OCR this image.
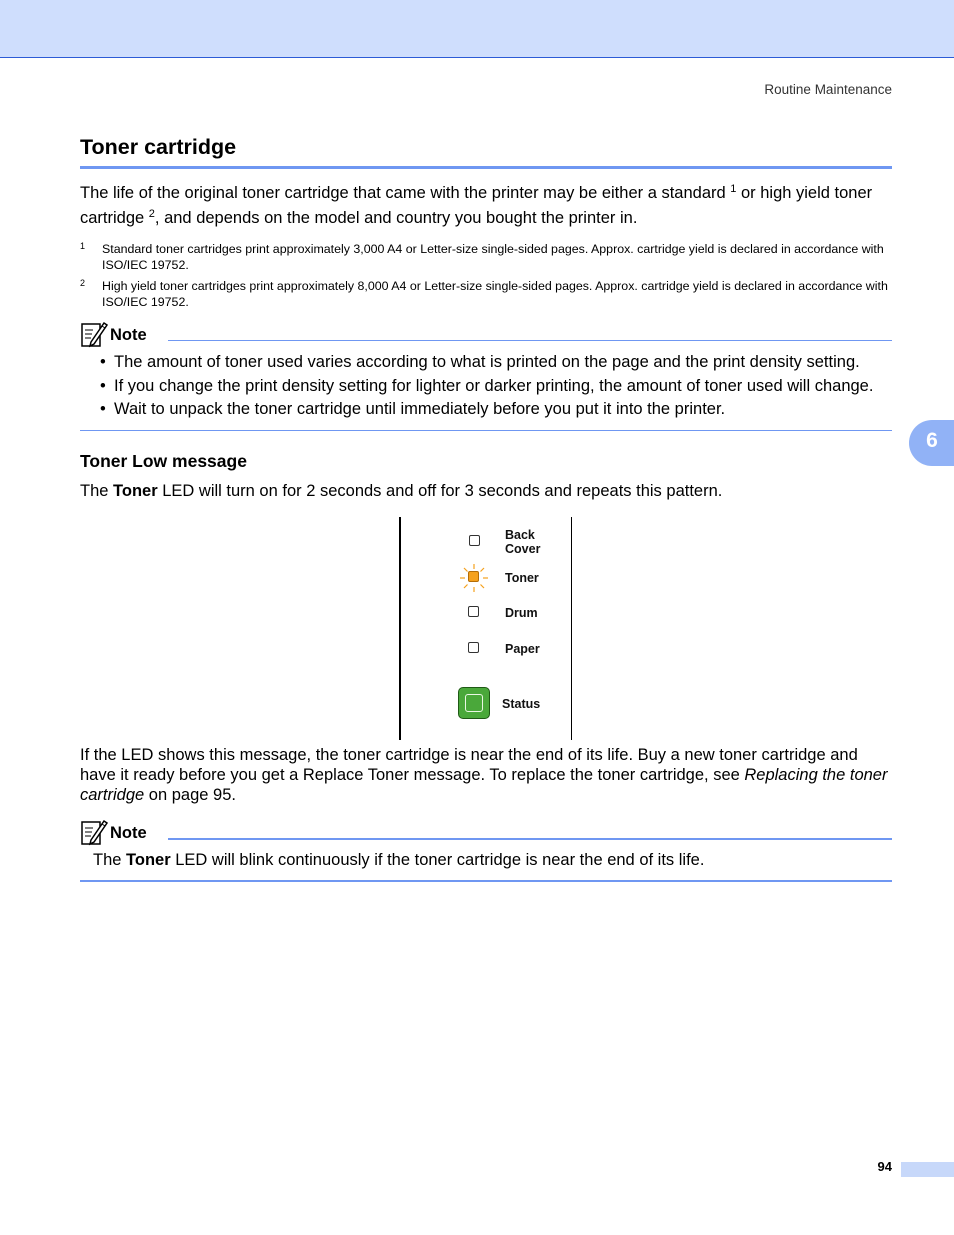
Routine Maintenance
Toner cartridge

The life of the original toner cartridge that came with the printer may be either a standard $^1$ or high yield toner cartridge $^2$, and depends on the model and country you bought the printer in.

1 Standard toner cartridges print approximately 3,000 A4 or Letter-size single-sided pages. Approx. cartridge yield is declared in accordance with ISO/IEC 19752.
2 High yield toner cartridges print approximately 8,000 A4 or Letter-size single-sided pages. Approx. cartridge yield is declared in accordance with ISO/IEC 19752.
Note
• The amount of toner used varies according to what is printed on the page and the print density setting.
• If you change the print density setting for lighter or darker printing, the amount of toner used will change.
• Wait to unpack the toner cartridge until immediately before you put it into the printer.
6
Toner Low message

The Toner LED will turn on for 2 seconds and off for 3 seconds and repeats this pattern.

Back
Cover
Toner
Drum
Paper
Status

If the LED shows this message, the toner cartridge is near the end of its life. Buy a new toner cartridge and have it ready before you get a Replace Toner message. To replace the toner cartridge, see Replacing the toner cartridge on page 95.

Note

The Toner LED will blink continuously if the toner cartridge is near the end of its life.

94
